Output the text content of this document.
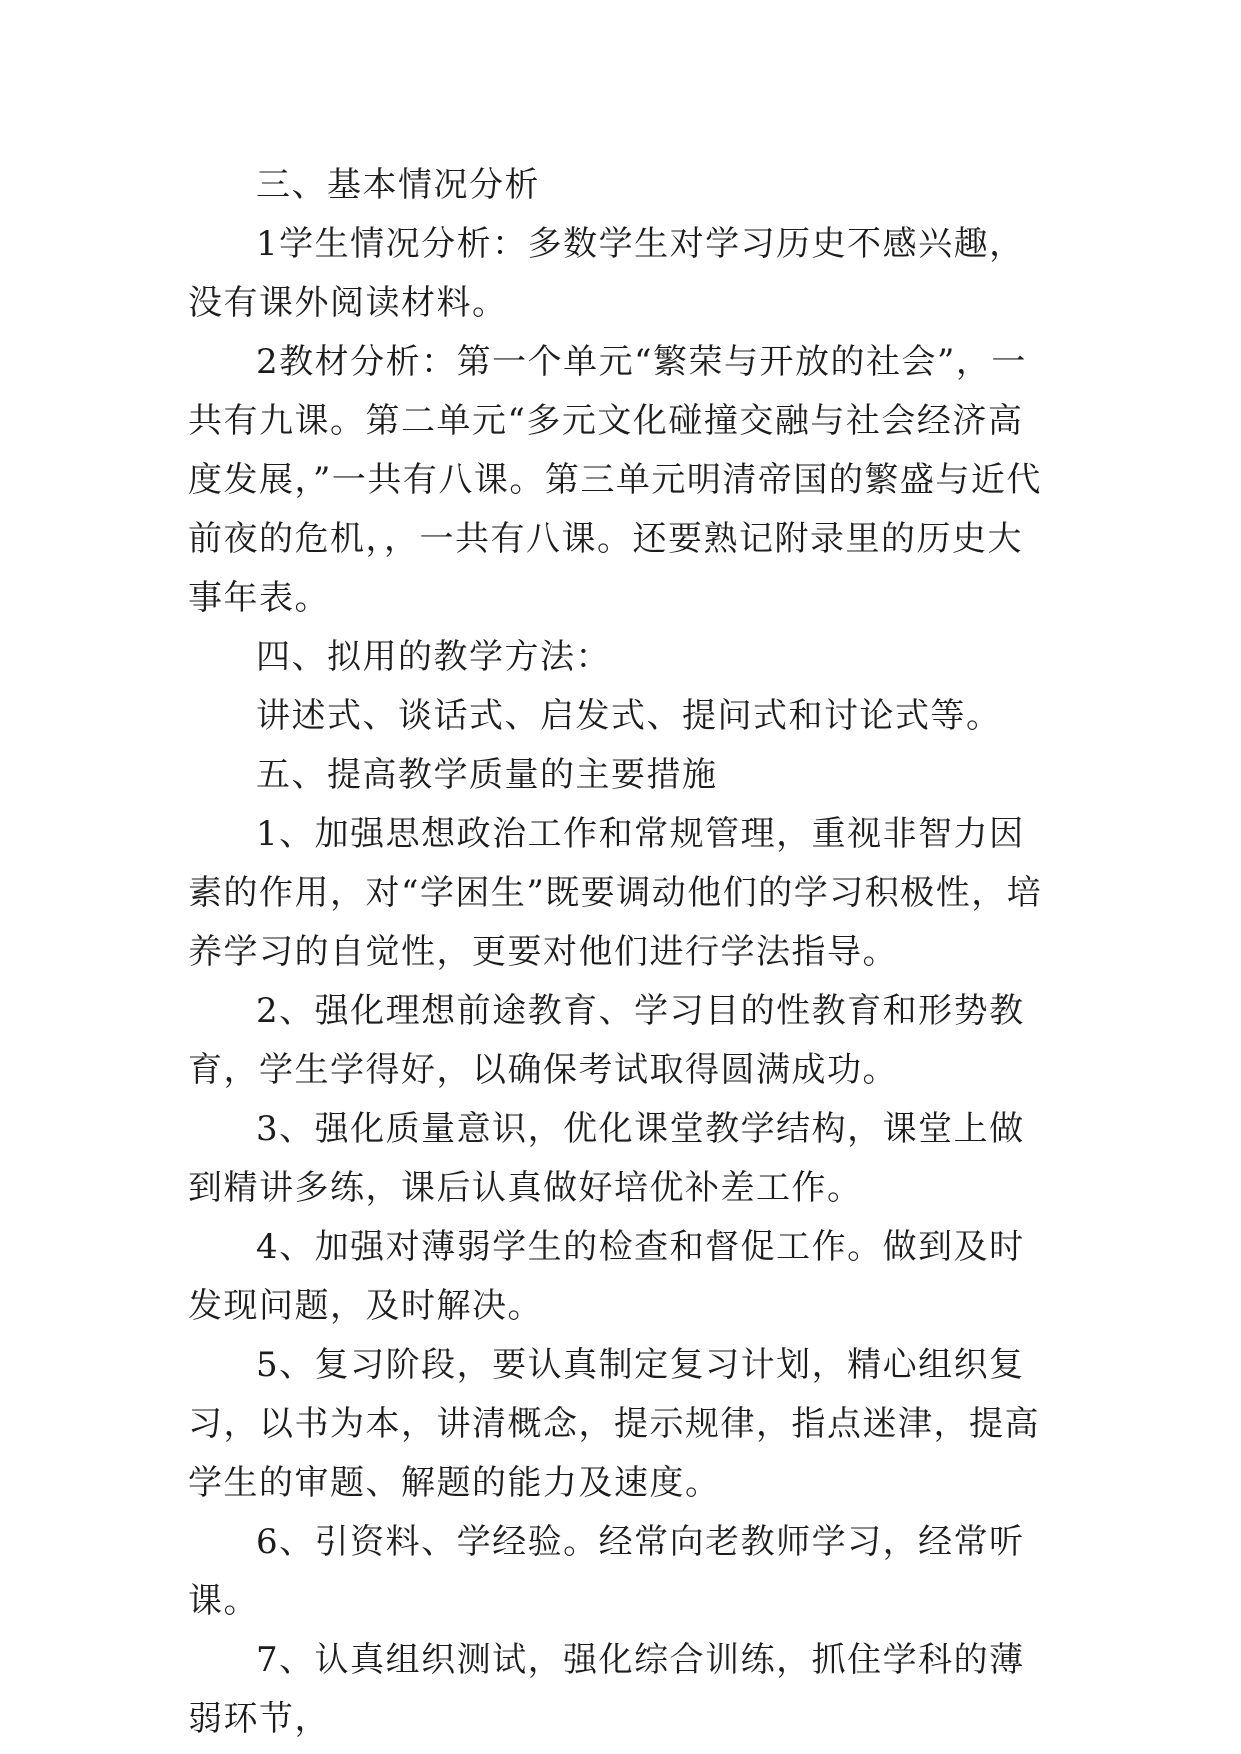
三、基本情况分析

1学生情况分析：多数学生对学习历史不感兴趣，没有课外阅读材料。

2教材分析：第一个单元“繁荣与开放的社会”，一共有九课。第二单元“多元文化碰撞交融与社会经济高度发展，”一共有八课。第三单元明清帝国的繁盛与近代前夜的危机，，一共有八课。还要熟记附录里的历史大事年表。

四、拟用的教学方法：

讲述式、谈话式、启发式、提问式和讨论式等。

五、提高教学质量的主要措施

1、加强思想政治工作和常规管理，重视非智力因素的作用，对“学困生”既要调动他们的学习积极性，培养学习的自觉性，更要对他们进行学法指导。

2、强化理想前途教育、学习目的性教育和形势教育，学生学得好，以确保考试取得圆满成功。

3、强化质量意识，优化课堂教学结构，课堂上做到精讲多练，课后认真做好培优补差工作。

4、加强对薄弱学生的检查和督促工作。做到及时发现问题，及时解决。

5、复习阶段，要认真制定复习计划，精心组织复习，以书为本，讲清概念，提示规律，指点迷津，提高学生的审题、解题的能力及速度。

6、引资料、学经验。经常向老教师学习，经常听课。

7、认真组织测试，强化综合训练，抓住学科的薄弱环节，
